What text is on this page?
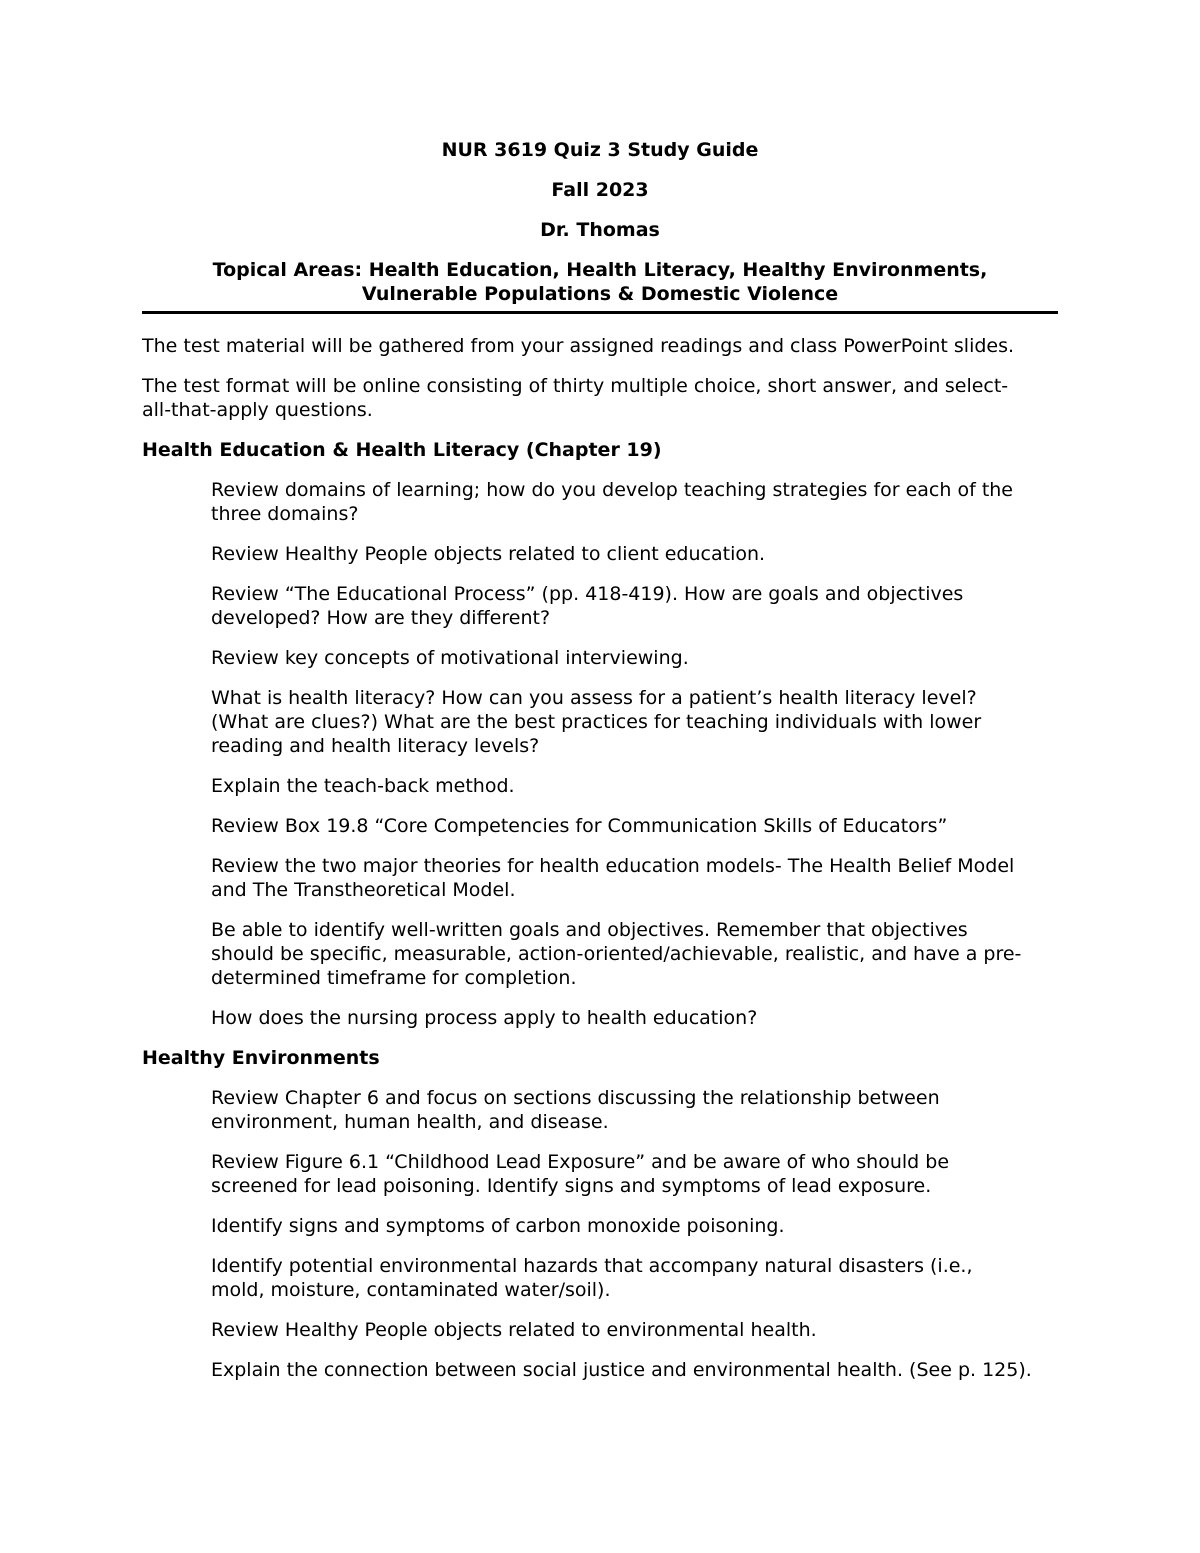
NUR 3619 Quiz 3 Study Guide

Fall 2023

Dr. Thomas

Topical Areas: Health Education, Health Literacy, Healthy Environments,
Vulnerable Populations & Domestic Violence

The test material will be gathered from your assigned readings and class PowerPoint slides.

The test format will be online consisting of thirty multiple choice, short answer, and select-
all-that-apply questions.

Health Education & Health Literacy (Chapter 19)

Review domains of learning; how do you develop teaching strategies for each of the
three domains?

Review Healthy People objects related to client education.

Review “The Educational Process” (pp. 418-419). How are goals and objectives
developed? How are they different?

Review key concepts of motivational interviewing.

What is health literacy? How can you assess for a patient’s health literacy level?
(What are clues?) What are the best practices for teaching individuals with lower
reading and health literacy levels?

Explain the teach-back method.

Review Box 19.8 “Core Competencies for Communication Skills of Educators”

Review the two major theories for health education models- The Health Belief Model
and The Transtheoretical Model.

Be able to identify well-written goals and objectives. Remember that objectives
should be specific, measurable, action-oriented/achievable, realistic, and have a pre-
determined timeframe for completion.

How does the nursing process apply to health education?

Healthy Environments

Review Chapter 6 and focus on sections discussing the relationship between
environment, human health, and disease.

Review Figure 6.1 “Childhood Lead Exposure” and be aware of who should be
screened for lead poisoning. Identify signs and symptoms of lead exposure.

Identify signs and symptoms of carbon monoxide poisoning.

Identify potential environmental hazards that accompany natural disasters (i.e.,
mold, moisture, contaminated water/soil).

Review Healthy People objects related to environmental health.

Explain the connection between social justice and environmental health. (See p. 125).
